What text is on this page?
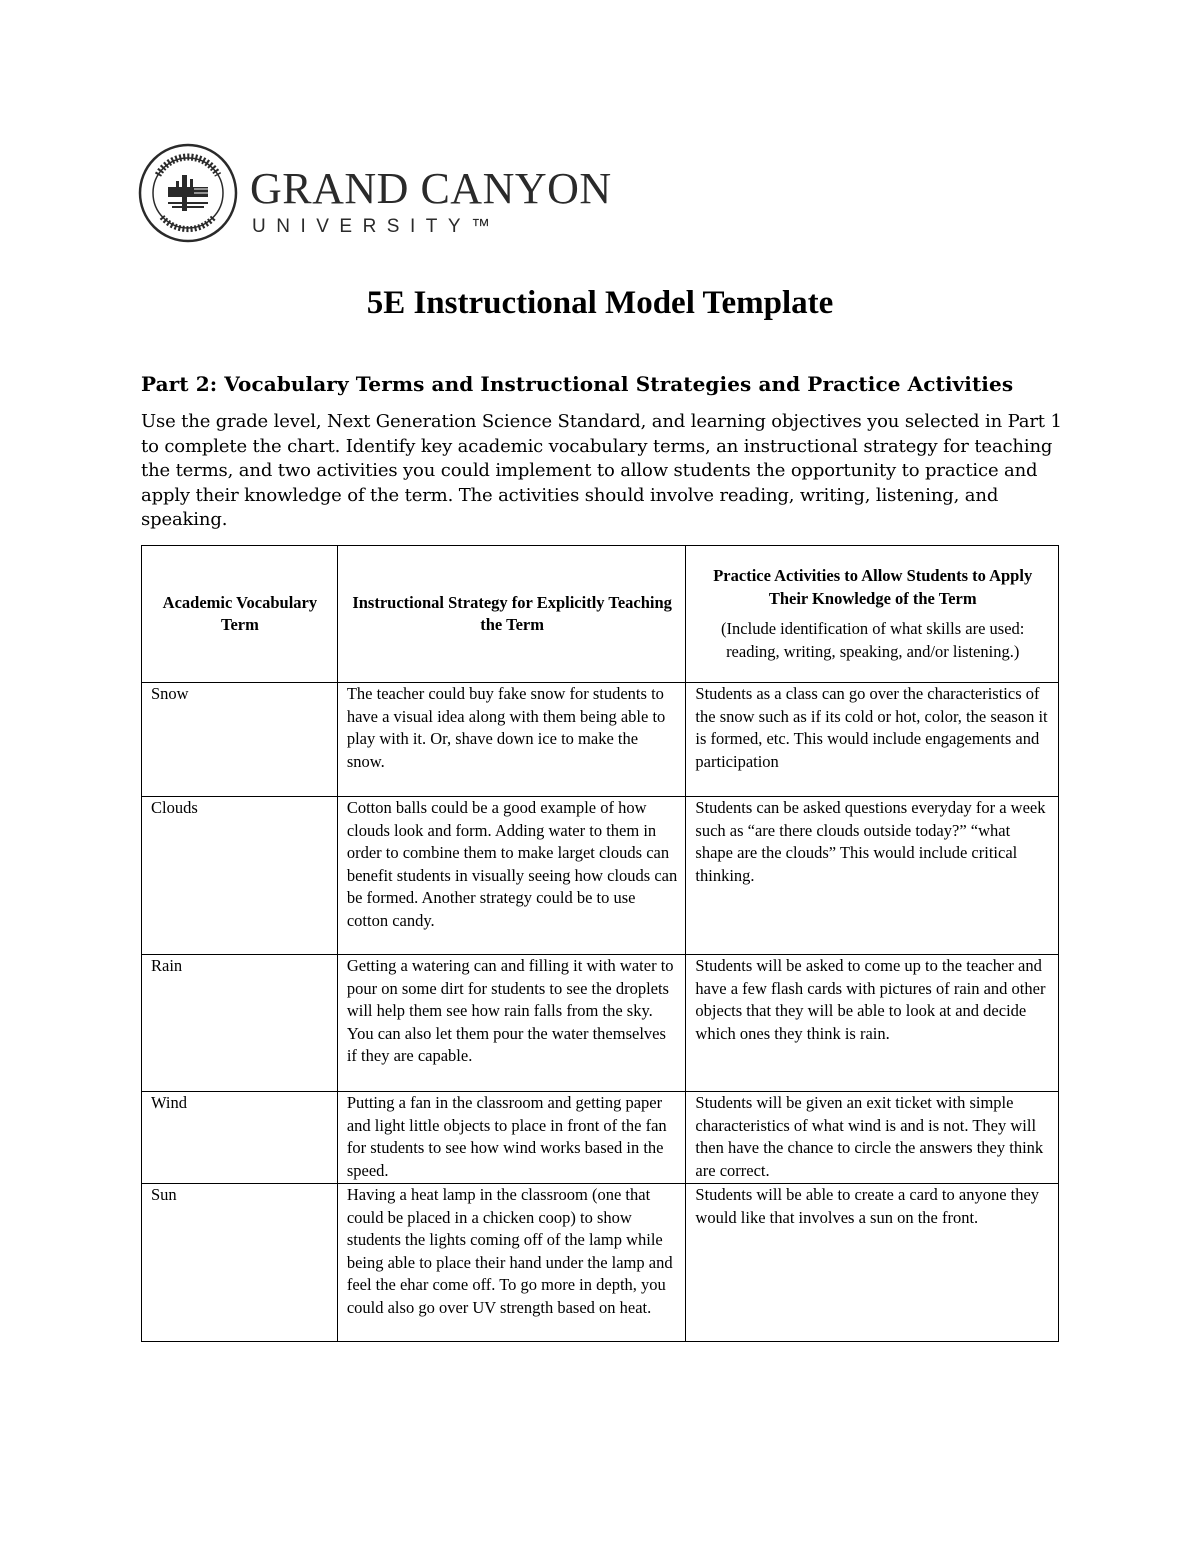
GRAND CANYON
UNIVERSITY™
5E Instructional Model Template
Part 2: Vocabulary Terms and Instructional Strategies and Practice Activities
Use the grade level, Next Generation Science Standard, and learning objectives you selected in Part 1 to complete the chart. Identify key academic vocabulary terms, an instructional strategy for teaching the terms, and two activities you could implement to allow students the opportunity to practice and apply their knowledge of the term. The activities should involve reading, writing, listening, and speaking.
Academic Vocabulary Term	Instructional Strategy for Explicitly Teaching the Term	Practice Activities to Allow Students to Apply Their Knowledge of the Term
(Include identification of what skills are used: reading, writing, speaking, and/or listening.)

Snow	The teacher could buy fake snow for students to have a visual idea along with them being able to play with it. Or, shave down ice to make the snow.	Students as a class can go over the characteristics of the snow such as if its cold or hot, color, the season it is formed, etc. This would include engagements and participation
Clouds	Cotton balls could be a good example of how clouds look and form. Adding water to them in order to combine them to make larget clouds can benefit students in visually seeing how clouds can be formed. Another strategy could be to use cotton candy.	Students can be asked questions everyday for a week such as “are there clouds outside today?” “what shape are the clouds” This would include critical thinking.
Rain	Getting a watering can and filling it with water to pour on some dirt for students to see the droplets will help them see how rain falls from the sky. You can also let them pour the water themselves if they are capable.	Students will be asked to come up to the teacher and have a few flash cards with pictures of rain and other objects that they will be able to look at and decide which ones they think is rain.
Wind	Putting a fan in the classroom and getting paper and light little objects to place in front of the fan for students to see how wind works based in the speed.	Students will be given an exit ticket with simple characteristics of what wind is and is not. They will then have the chance to circle the answers they think are correct.
Sun	Having a heat lamp in the classroom (one that could be placed in a chicken coop) to show students the lights coming off of the lamp while being able to place their hand under the lamp and feel the ehar come off. To go more in depth, you could also go over UV strength based on heat.	Students will be able to create a card to anyone they would like that involves a sun on the front.
